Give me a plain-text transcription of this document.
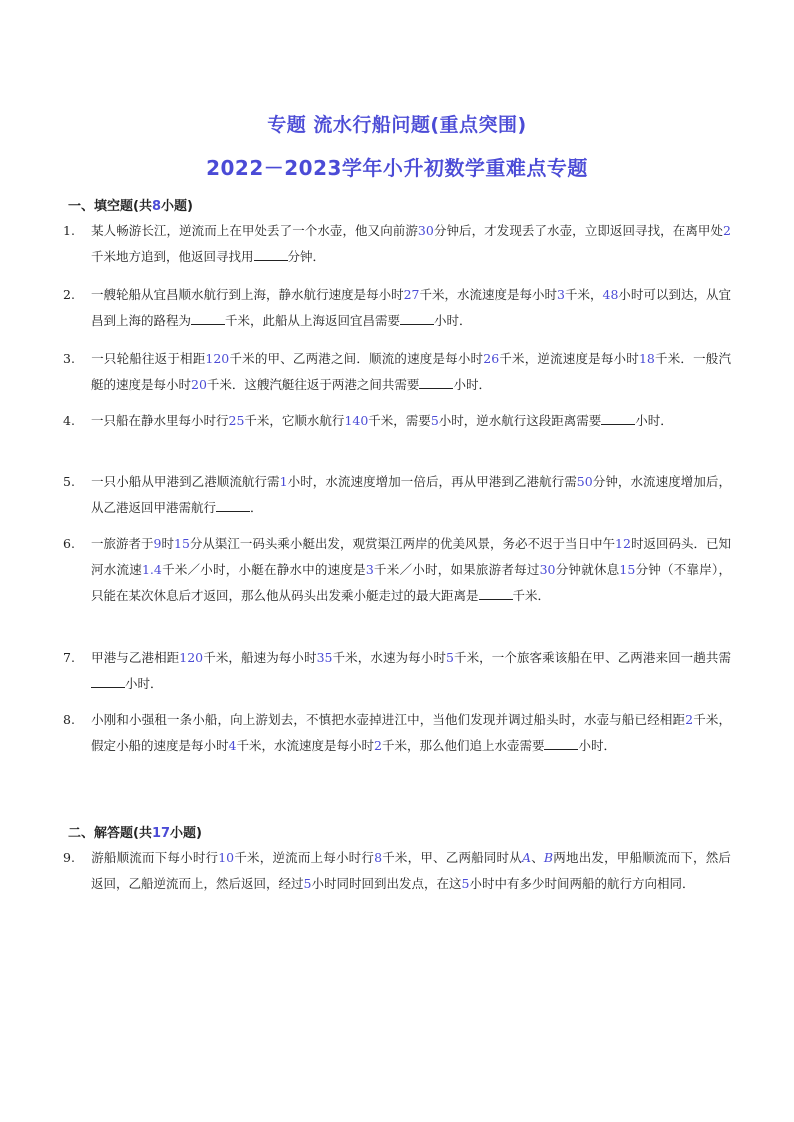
专题 流水行船问题(重点突围)
2022－2023学年小升初数学重难点专题
一、填空题(共8小题)
1. 某人畅游长江，逆流而上在甲处丢了一个水壶，他又向前游30分钟后，才发现丢了水壶，立即返回寻找，在离甲处2千米地方追到，他返回寻找用	分钟．
2. 一艘轮船从宜昌顺水航行到上海，静水航行速度是每小时27千米，水流速度是每小时3千米，48小时可以到达，从宜昌到上海的路程为	千米，此船从上海返回宜昌需要	小时．
3. 一只轮船往返于相距120千米的甲、乙两港之间．顺流的速度是每小时26千米，逆流速度是每小时18千米．一般汽艇的速度是每小时20千米．这艘汽艇往返于两港之间共需要	小时．
4. 一只船在静水里每小时行25千米，它顺水航行140千米，需要5小时，逆水航行这段距离需要	小时．
5. 一只小船从甲港到乙港顺流航行需1小时，水流速度增加一倍后，再从甲港到乙港航行需50分钟，水流速度增加后，从乙港返回甲港需航行	．
6. 一旅游者于9时15分从渠江一码头乘小艇出发，观赏渠江两岸的优美风景，务必不迟于当日中午12时返回码头．已知河水流速1.4千米／小时，小艇在静水中的速度是3千米／小时，如果旅游者每过30分钟就休息15分钟（不靠岸），只能在某次休息后才返回，那么他从码头出发乘小艇走过的最大距离是	千米．
7. 甲港与乙港相距120千米，船速为每小时35千米，水速为每小时5千米，一个旅客乘该船在甲、乙两港来回一趟共需小时．
8. 小刚和小强租一条小船，向上游划去，不慎把水壶掉进江中，当他们发现并调过船头时，水壶与船已经相距2千米，假定小船的速度是每小时4千米，水流速度是每小时2千米，那么他们追上水壶需要	小时．
二、解答题(共17小题)
9. 游船顺流而下每小时行10千米，逆流而上每小时行8千米，甲、乙两船同时从A、B两地出发，甲船顺流而下，然后返回，乙船逆流而上，然后返回，经过5小时同时回到出发点，在这5小时中有多少时间两船的航行方向相同．
